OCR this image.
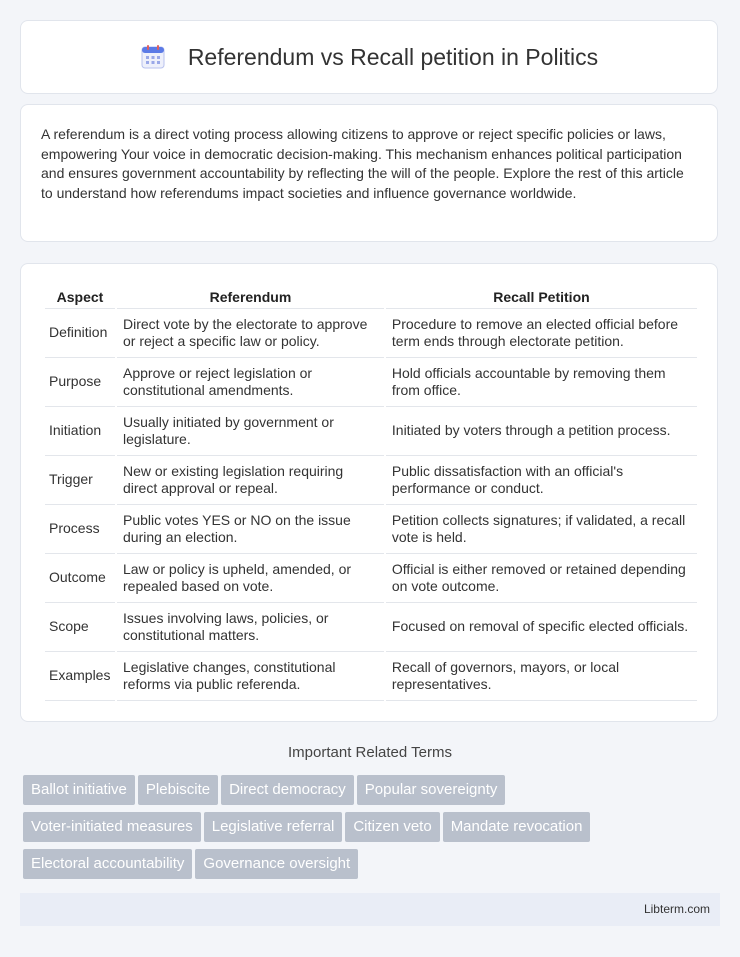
Referendum vs Recall petition in Politics

A referendum is a direct voting process allowing citizens to approve or reject specific policies or laws, empowering Your voice in democratic decision-making. This mechanism enhances political participation and ensures government accountability by reflecting the will of the people. Explore the rest of this article to understand how referendums impact societies and influence governance worldwide.

Aspect	Referendum	Recall Petition
Definition	Direct vote by the electorate to approve or reject a specific law or policy.	Procedure to remove an elected official before term ends through electorate petition.
Purpose	Approve or reject legislation or constitutional amendments.	Hold officials accountable by removing them from office.
Initiation	Usually initiated by government or legislature.	Initiated by voters through a petition process.
Trigger	New or existing legislation requiring direct approval or repeal.	Public dissatisfaction with an official's performance or conduct.
Process	Public votes YES or NO on the issue during an election.	Petition collects signatures; if validated, a recall vote is held.
Outcome	Law or policy is upheld, amended, or repealed based on vote.	Official is either removed or retained depending on vote outcome.
Scope	Issues involving laws, policies, or constitutional matters.	Focused on removal of specific elected officials.
Examples	Legislative changes, constitutional reforms via public referenda.	Recall of governors, mayors, or local representatives.
Important Related Terms
Ballot initiative Plebiscite Direct democracy Popular sovereignty
Voter-initiated measures Legislative referral Citizen veto Mandate revocation
Electoral accountability Governance oversight
Libterm.com
